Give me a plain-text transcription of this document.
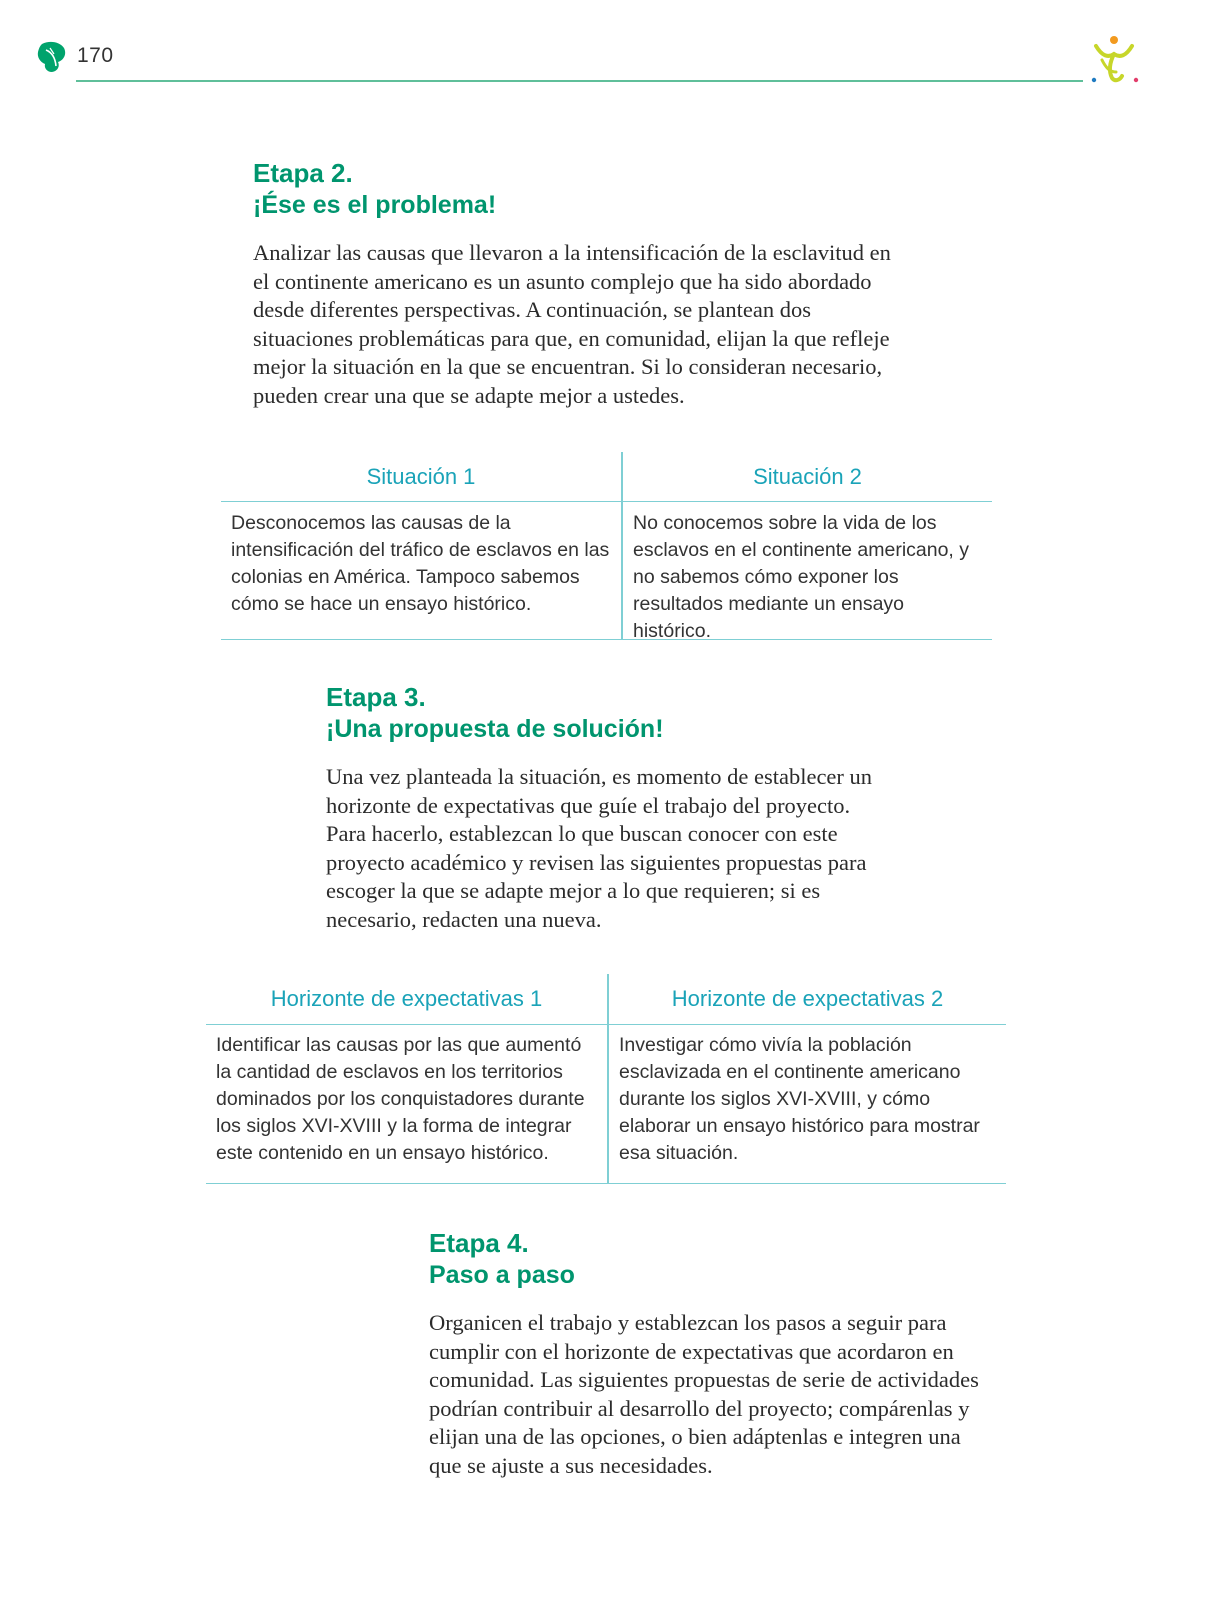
170
Etapa 2.
¡Ése es el problema!

Analizar las causas que llevaron a la intensificación de la esclavitud en el continente americano es un asunto complejo que ha sido abordado desde diferentes perspectivas. A continuación, se plantean dos situaciones problemáticas para que, en comunidad, elijan la que refleje mejor la situación en la que se encuentran. Si lo consideran necesario, pueden crear una que se adapte mejor a ustedes.

Situación 1
Desconocemos las causas de la intensificación del tráfico de esclavos en las colonias en América. Tampoco sabemos cómo se hace un ensayo histórico.
Situación 2
No conocemos sobre la vida de los esclavos en el continente americano, y no sabemos cómo exponer los resultados mediante un ensayo histórico.
Etapa 3.
¡Una propuesta de solución!

Una vez planteada la situación, es momento de establecer un horizonte de expectativas que guíe el trabajo del proyecto. Para hacerlo, establezcan lo que buscan conocer con este proyecto académico y revisen las siguientes propuestas para escoger la que se adapte mejor a lo que requieren; si es necesario, redacten una nueva.

Horizonte de expectativas 1
Identificar las causas por las que aumentó la cantidad de esclavos en los territorios dominados por los conquistadores durante los siglos XVI-XVIII y la forma de integrar este contenido en un ensayo histórico.
Horizonte de expectativas 2
Investigar cómo vivía la población esclavizada en el continente americano durante los siglos XVI-XVIII, y cómo elaborar un ensayo histórico para mostrar esa situación.
Etapa 4.
Paso a paso

Organicen el trabajo y establezcan los pasos a seguir para cumplir con el horizonte de expectativas que acordaron en comunidad. Las siguientes propuestas de serie de actividades podrían contribuir al desarrollo del proyecto; compárenlas y elijan una de las opciones, o bien adáptenlas e integren una que se ajuste a sus necesidades.
